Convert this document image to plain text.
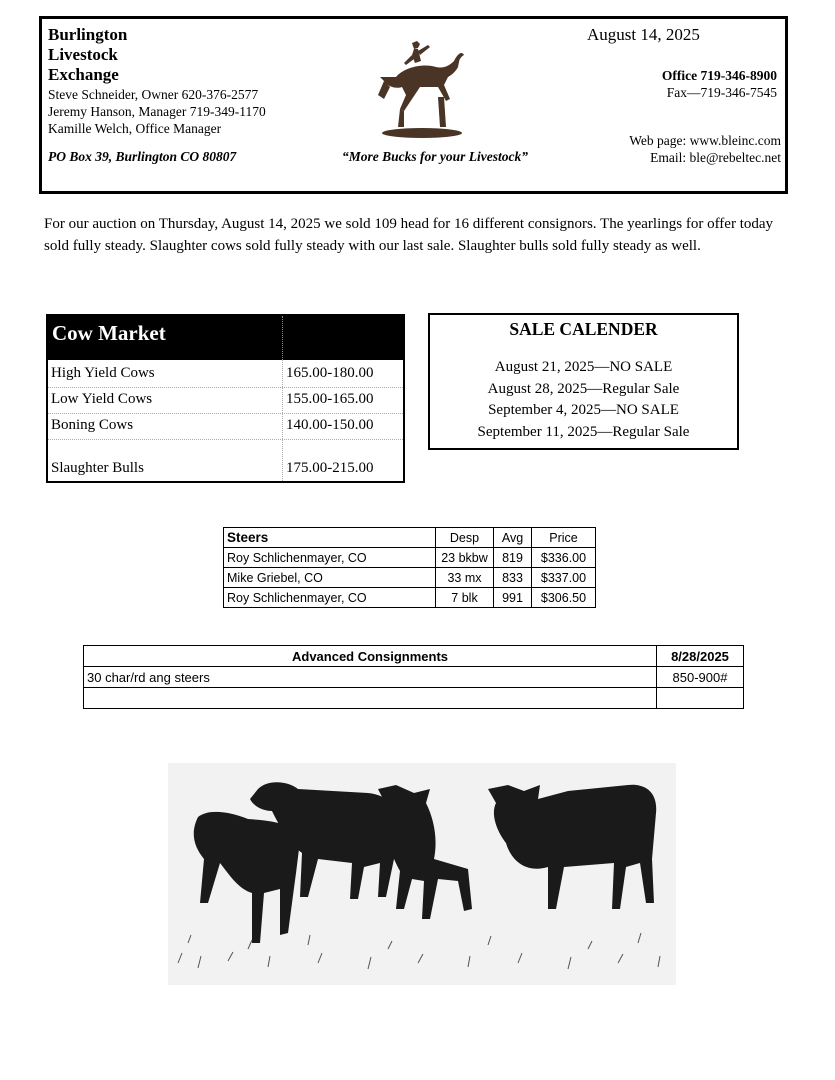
Burlington
Livestock
Exchange
Steve Schneider, Owner 620-376-2577
Jeremy Hanson, Manager 719-349-1170
Kamille Welch, Office Manager
PO Box 39, Burlington CO 80807	“More Bucks for your Livestock”
August 14, 2025
Office 719-346-8900
Fax—719-346-7545
Web page: www.bleinc.com
Email: ble@rebeltec.net
For our auction on Thursday, August 14, 2025 we sold 109 head for 16 different consignors. The yearlings for offer today sold fully steady. Slaughter cows sold fully steady with our last sale. Slaughter bulls sold fully steady as well.
Cow Market
High Yield Cows	165.00-180.00
Low Yield Cows	155.00-165.00
Boning Cows	140.00-150.00
Slaughter Bulls	175.00-215.00
SALE CALENDER
August 21, 2025—NO SALE
August 28, 2025—Regular Sale
September 4, 2025—NO SALE
September 11, 2025—Regular Sale
Steers	Desp	Avg	Price
Roy Schlichenmayer, CO	23 bkbw	819	$336.00
Mike Griebel, CO	33 mx	833	$337.00
Roy Schlichenmayer, CO	7 blk	991	$306.50
Advanced Consignments	8/28/2025
30 char/rd ang steers	850-900#
